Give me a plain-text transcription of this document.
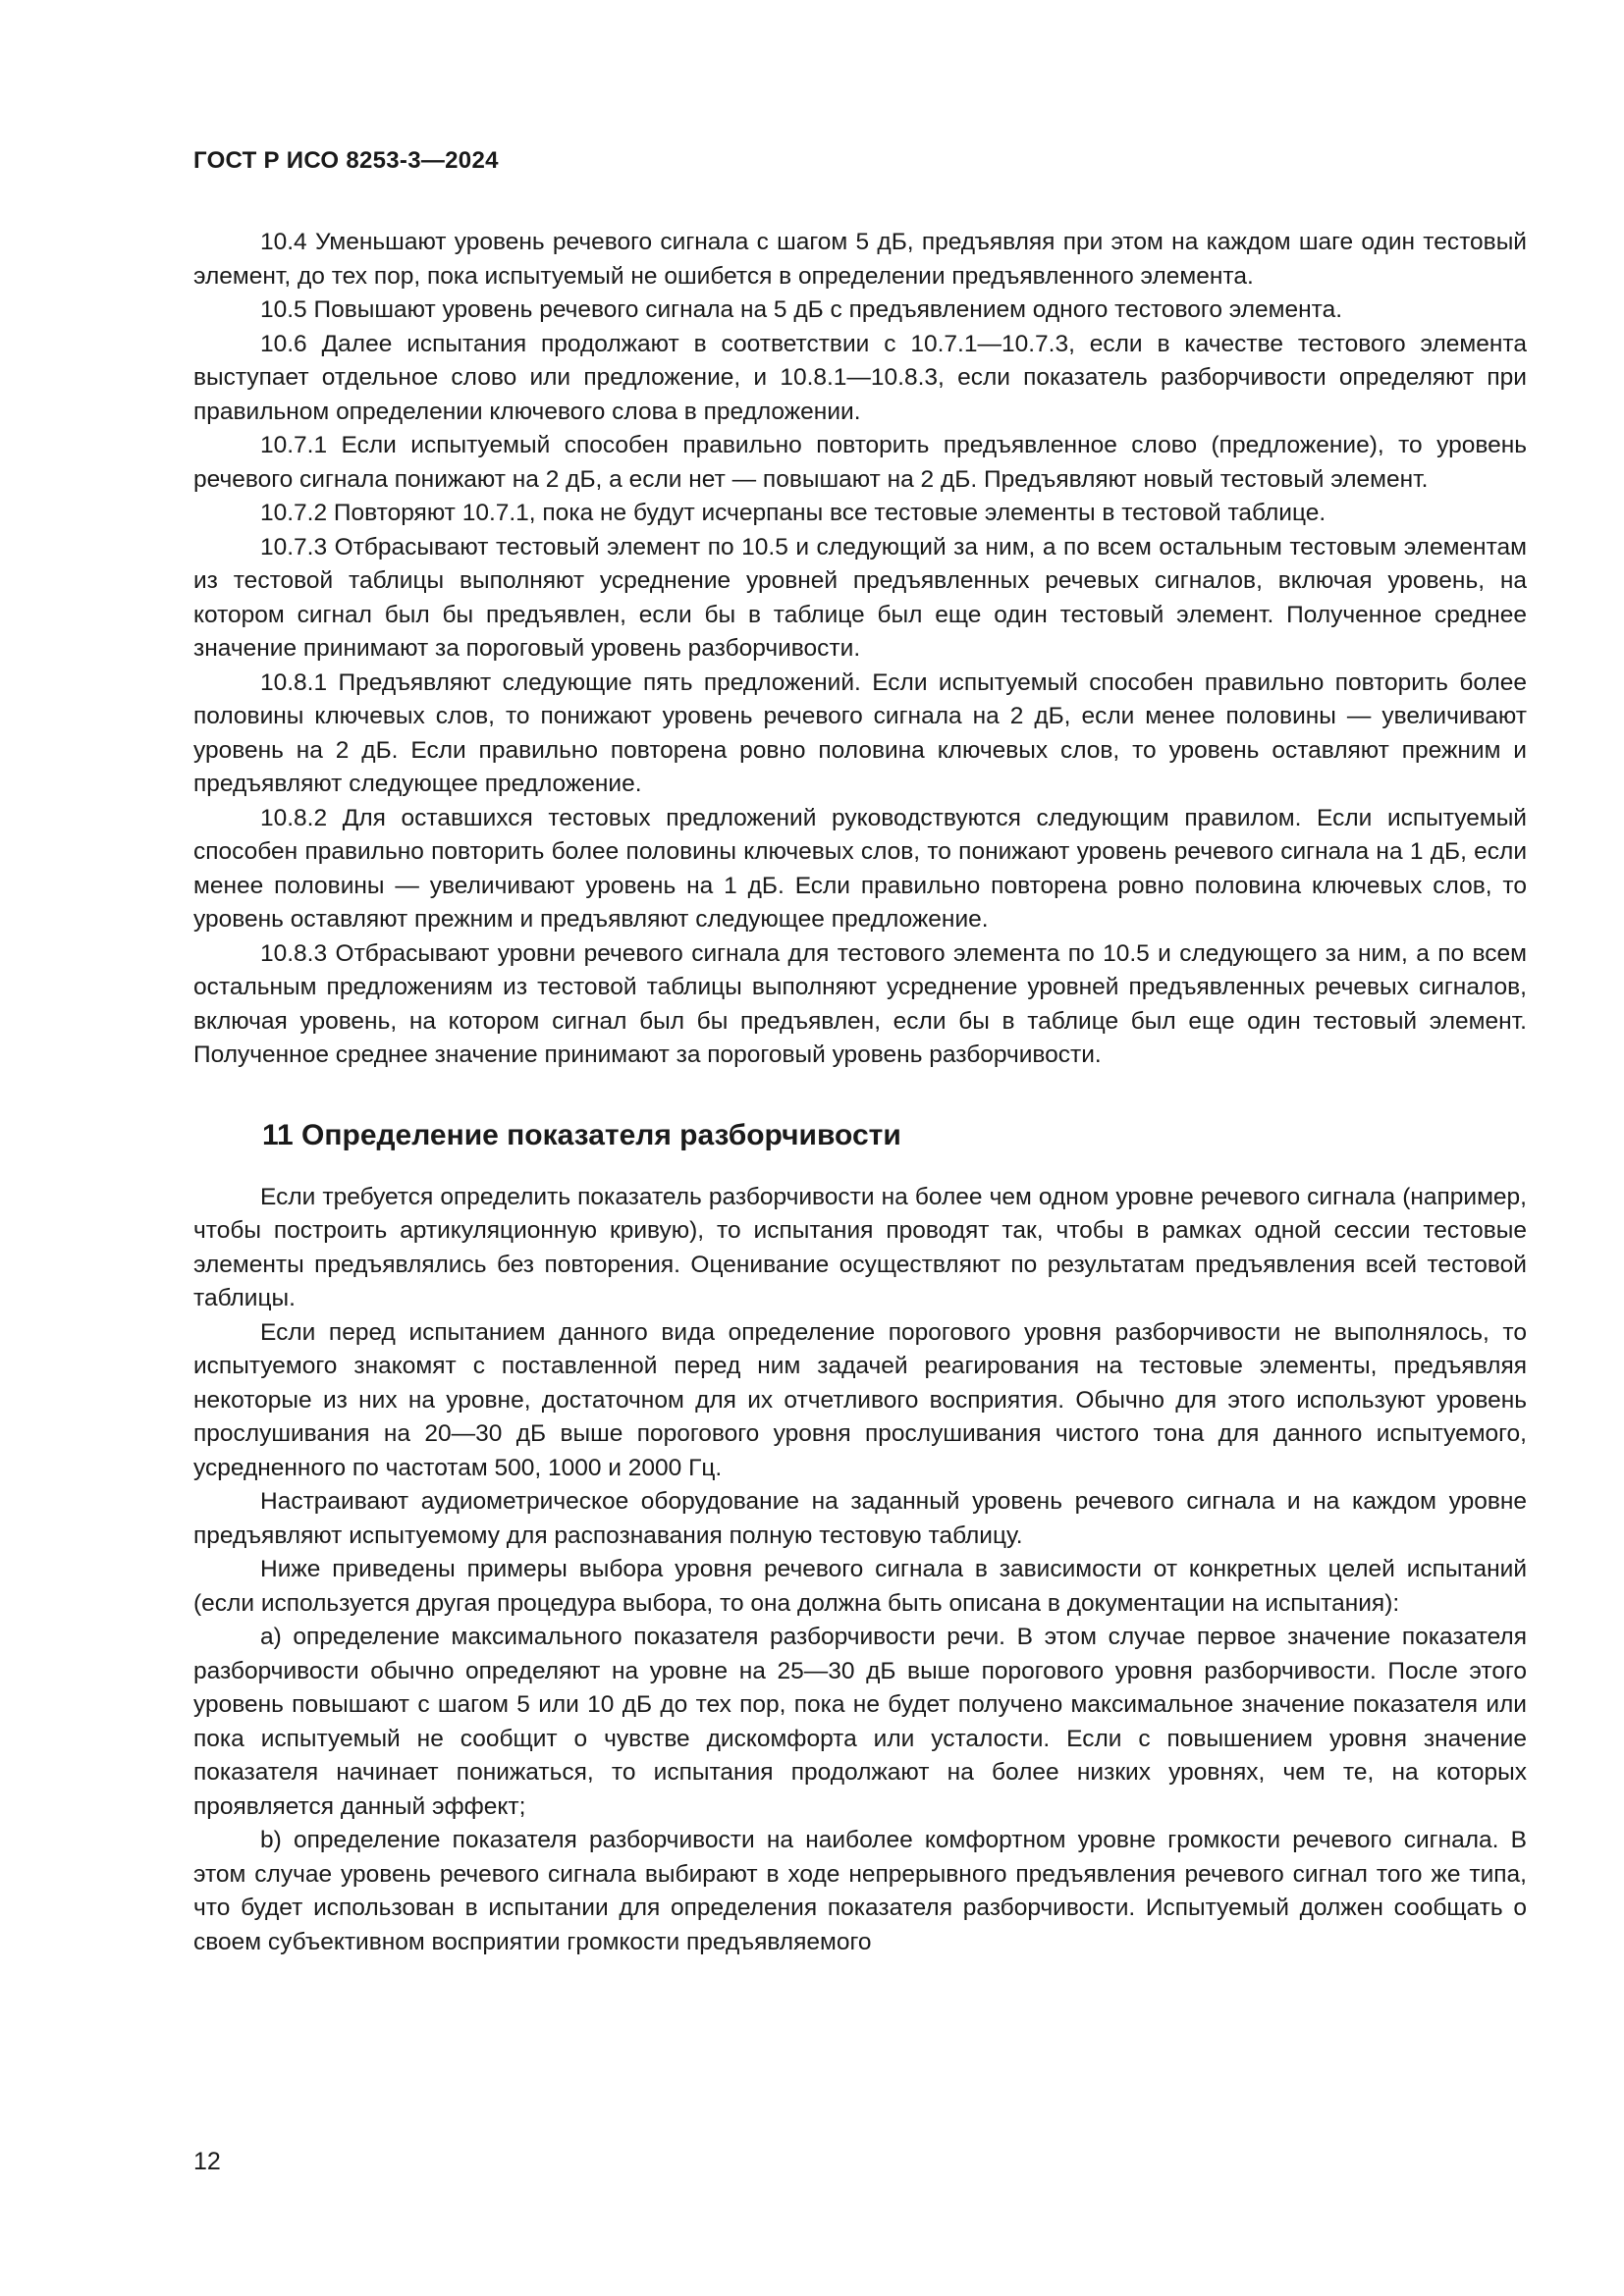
ГОСТ Р ИСО 8253-3—2024

10.4 Уменьшают уровень речевого сигнала с шагом 5 дБ, предъявляя при этом на каждом шаге один тестовый элемент, до тех пор, пока испытуемый не ошибется в определении предъявленного элемента.

10.5 Повышают уровень речевого сигнала на 5 дБ с предъявлением одного тестового элемента.

10.6 Далее испытания продолжают в соответствии с 10.7.1—10.7.3, если в качестве тестового элемента выступает отдельное слово или предложение, и 10.8.1—10.8.3, если показатель разборчивости определяют при правильном определении ключевого слова в предложении.

10.7.1 Если испытуемый способен правильно повторить предъявленное слово (предложение), то уровень речевого сигнала понижают на 2 дБ, а если нет — повышают на 2 дБ. Предъявляют новый тестовый элемент.

10.7.2 Повторяют 10.7.1, пока не будут исчерпаны все тестовые элементы в тестовой таблице.

10.7.3 Отбрасывают тестовый элемент по 10.5 и следующий за ним, а по всем остальным тестовым элементам из тестовой таблицы выполняют усреднение уровней предъявленных речевых сигналов, включая уровень, на котором сигнал был бы предъявлен, если бы в таблице был еще один тестовый элемент. Полученное среднее значение принимают за пороговый уровень разборчивости.

10.8.1 Предъявляют следующие пять предложений. Если испытуемый способен правильно повторить более половины ключевых слов, то понижают уровень речевого сигнала на 2 дБ, если менее половины — увеличивают уровень на 2 дБ. Если правильно повторена ровно половина ключевых слов, то уровень оставляют прежним и предъявляют следующее предложение.

10.8.2 Для оставшихся тестовых предложений руководствуются следующим правилом. Если испытуемый способен правильно повторить более половины ключевых слов, то понижают уровень речевого сигнала на 1 дБ, если менее половины — увеличивают уровень на 1 дБ. Если правильно повторена ровно половина ключевых слов, то уровень оставляют прежним и предъявляют следующее предложение.

10.8.3 Отбрасывают уровни речевого сигнала для тестового элемента по 10.5 и следующего за ним, а по всем остальным предложениям из тестовой таблицы выполняют усреднение уровней предъявленных речевых сигналов, включая уровень, на котором сигнал был бы предъявлен, если бы в таблице был еще один тестовый элемент. Полученное среднее значение принимают за пороговый уровень разборчивости.

11 Определение показателя разборчивости

Если требуется определить показатель разборчивости на более чем одном уровне речевого сигнала (например, чтобы построить артикуляционную кривую), то испытания проводят так, чтобы в рамках одной сессии тестовые элементы предъявлялись без повторения. Оценивание осуществляют по результатам предъявления всей тестовой таблицы.

Если перед испытанием данного вида определение порогового уровня разборчивости не выполнялось, то испытуемого знакомят с поставленной перед ним задачей реагирования на тестовые элементы, предъявляя некоторые из них на уровне, достаточном для их отчетливого восприятия. Обычно для этого используют уровень прослушивания на 20—30 дБ выше порогового уровня прослушивания чистого тона для данного испытуемого, усредненного по частотам 500, 1000 и 2000 Гц.

Настраивают аудиометрическое оборудование на заданный уровень речевого сигнала и на каждом уровне предъявляют испытуемому для распознавания полную тестовую таблицу.

Ниже приведены примеры выбора уровня речевого сигнала в зависимости от конкретных целей испытаний (если используется другая процедура выбора, то она должна быть описана в документации на испытания):

a) определение максимального показателя разборчивости речи. В этом случае первое значение показателя разборчивости обычно определяют на уровне на 25—30 дБ выше порогового уровня разборчивости. После этого уровень повышают с шагом 5 или 10 дБ до тех пор, пока не будет получено максимальное значение показателя или пока испытуемый не сообщит о чувстве дискомфорта или усталости. Если с повышением уровня значение показателя начинает понижаться, то испытания продолжают на более низких уровнях, чем те, на которых проявляется данный эффект;

b) определение показателя разборчивости на наиболее комфортном уровне громкости речевого сигнала. В этом случае уровень речевого сигнала выбирают в ходе непрерывного предъявления речевого сигнал того же типа, что будет использован в испытании для определения показателя разборчивости. Испытуемый должен сообщать о своем субъективном восприятии громкости предъявляемого

12
